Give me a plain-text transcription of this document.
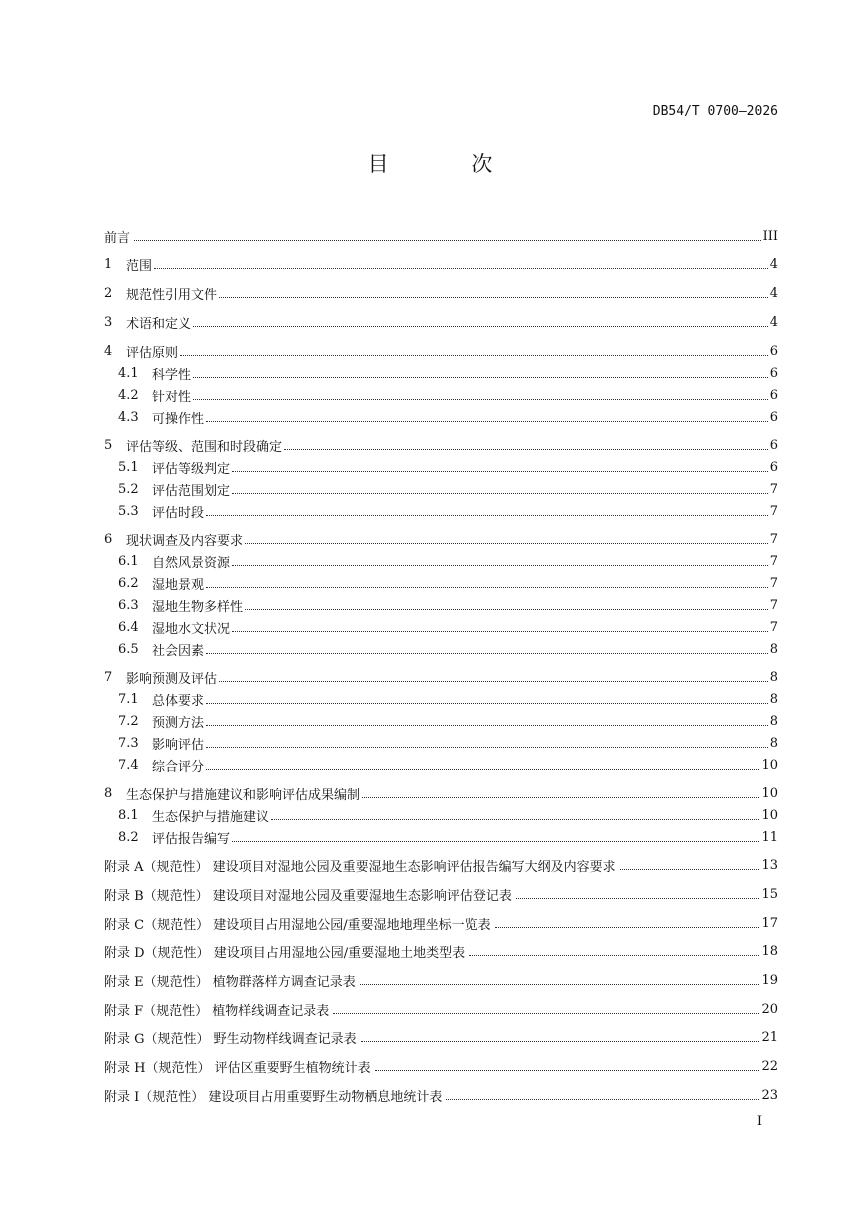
DB54/T 0700—2026
目 次
前言	III
1	范围	4
2	规范性引用文件	4
3	术语和定义	4
4	评估原则	6
4.1	科学性	6
4.2	针对性	6
4.3	可操作性	6
5	评估等级、范围和时段确定	6
5.1	评估等级判定	6
5.2	评估范围划定	7
5.3	评估时段	7
6	现状调查及内容要求	7
6.1	自然风景资源	7
6.2	湿地景观	7
6.3	湿地生物多样性	7
6.4	湿地水文状况	7
6.5	社会因素	8
7	影响预测及评估	8
7.1	总体要求	8
7.2	预测方法	8
7.3	影响评估	8
7.4	综合评分	10
8	生态保护与措施建议和影响评估成果编制	10
8.1	生态保护与措施建议	10
8.2	评估报告编写	11
附录 A（规范性） 建设项目对湿地公园及重要湿地生态影响评估报告编写大纲及内容要求	13
附录 B（规范性） 建设项目对湿地公园及重要湿地生态影响评估登记表	15
附录 C（规范性） 建设项目占用湿地公园/重要湿地地理坐标一览表	17
附录 D（规范性） 建设项目占用湿地公园/重要湿地土地类型表	18
附录 E（规范性） 植物群落样方调查记录表	19
附录 F（规范性） 植物样线调查记录表	20
附录 G（规范性） 野生动物样线调查记录表	21
附录 H（规范性） 评估区重要野生植物统计表	22
附录 I（规范性） 建设项目占用重要野生动物栖息地统计表	23
I
